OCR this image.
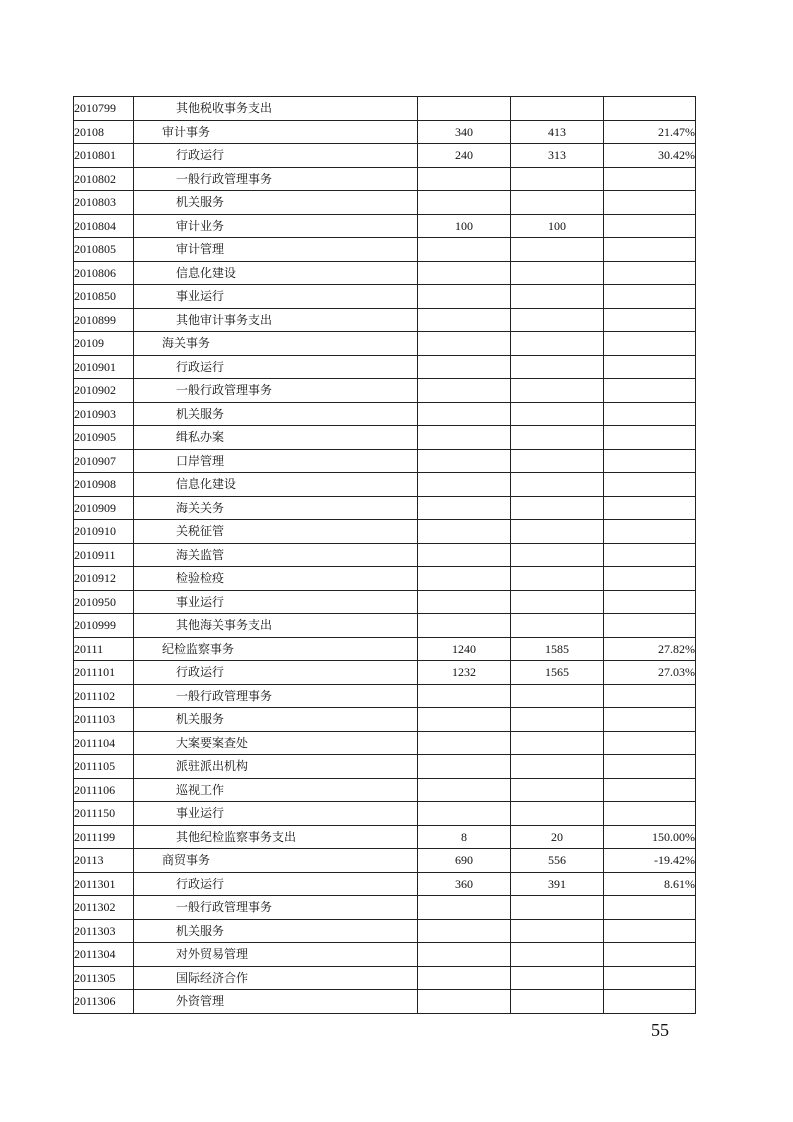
2010799	其他税收事务支出			
20108	审计事务	340	413	21.47%
2010801	行政运行	240	313	30.42%
2010802	一般行政管理事务			
2010803	机关服务			
2010804	审计业务	100	100	
2010805	审计管理			
2010806	信息化建设			
2010850	事业运行			
2010899	其他审计事务支出			
20109	海关事务			
2010901	行政运行			
2010902	一般行政管理事务			
2010903	机关服务			
2010905	缉私办案			
2010907	口岸管理			
2010908	信息化建设			
2010909	海关关务			
2010910	关税征管			
2010911	海关监管			
2010912	检验检疫			
2010950	事业运行			
2010999	其他海关事务支出			
20111	纪检监察事务	1240	1585	27.82%
2011101	行政运行	1232	1565	27.03%
2011102	一般行政管理事务			
2011103	机关服务			
2011104	大案要案查处			
2011105	派驻派出机构			
2011106	巡视工作			
2011150	事业运行			
2011199	其他纪检监察事务支出	8	20	150.00%
20113	商贸事务	690	556	-19.42%
2011301	行政运行	360	391	8.61%
2011302	一般行政管理事务			
2011303	机关服务			
2011304	对外贸易管理			
2011305	国际经济合作			
2011306	外资管理			
55
